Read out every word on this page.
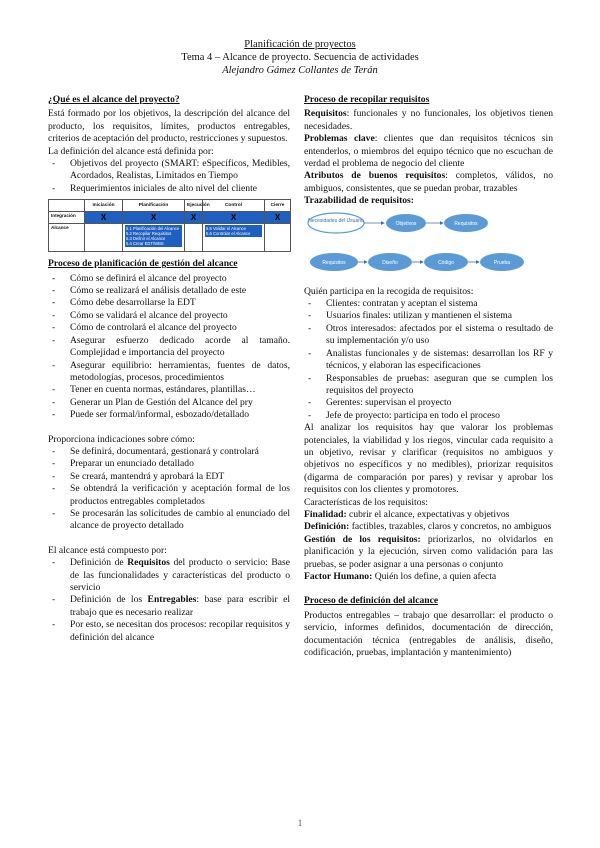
Planificación de proyectos
Tema 4 – Alcance de proyecto. Secuencia de actividades
Alejandro Gámez Collantes de Terán

¿Qué es el alcance del proyecto?

Está formado por los objetivos, la descripción del alcance del producto, los requisitos, límites, productos entregables, criterios de aceptación del producto, restricciones y supuestos.

La definición del alcance está definida por:

- Objetivos del proyecto (SMART: eSpecíficos, Medibles, Acordados, Realistas, Limitados en Tiempo
- Requerimientos iniciales de alto nivel del cliente
	Iniciación	Planificación	Ejecución	Control	Cierre
Integración	X	X	X	X	X
Alcance		5.1 Planificación del Alcance
5.2 Recopilar Requisitos
5.3 Definir el Alcance
5.4 Crear EDT/WBS		5.5 Validar el Alcance
5.6 Controlar el Alcance	

Proceso de planificación de gestión del alcance

- Cómo se definirá el alcance del proyecto
- Cómo se realizará el análisis detallado de este
- Cómo debe desarrollarse la EDT
- Cómo se validará el alcance del proyecto
- Cómo de controlará el alcance del proyecto
- Asegurar esfuerzo dedicado acorde al tamaño. Complejidad e importancia del proyecto
- Asegurar equilibrio: herramientas, fuentes de datos, metodologías, procesos, procedimientos
- Tener en cuenta normas, estándares, plantillas…
- Generar un Plan de Gestión del Alcance del pry
- Puede ser formal/informal, esbozado/detallado

Proporciona indicaciones sobre cómo:

- Se definirá, documentará, gestionará y controlará
- Preparar un enunciado detallado
- Se creará, mantendrá y aprobará la EDT
- Se obtendrá la verificación y aceptación formal de los productos entregables completados
- Se procesarán las solicitudes de cambio al enunciado del alcance de proyecto detallado

El alcance está compuesto por:

- Definición de Requisitos del producto o servicio: Base de las funcionalidades y características del producto o servicio
- Definición de los Entregables: base para escribir el trabajo que es necesario realizar
- Por esto, se necesitan dos procesos: recopilar requisitos y definición del alcance

Proceso de recopilar requisitos

Requisitos: funcionales y no funcionales, los objetivos tienen necesidades.

Problemas clave: clientes que dan requisitos técnicos sin entenderlos, o miembros del equipo técnico que no escuchan de verdad el problema de negocio del cliente

Atributos de buenos requisitos: completos, válidos, no ambiguos, consistentes, que se puedan probar, trazables

Trazabilidad de requisitos:

Necesidades del Usuario	Objetivos	Requisitos
Requisitos	Diseño	Código	Prueba

Quién participa en la recogida de requisitos:

- Clientes: contratan y aceptan el sistema
- Usuarios finales: utilizan y mantienen el sistema
- Otros interesados: afectados por el sistema o resultado de su implementación y/o uso
- Analistas funcionales y de sistemas: desarrollan los RF y técnicos, y elaboran las especificaciones
- Responsables de pruebas: aseguran que se cumplen los requisitos del proyecto
- Gerentes: supervisan el proyecto
- Jefe de proyecto: participa en todo el proceso

Al analizar los requisitos hay que valorar los problemas potenciales, la viabilidad y los riegos, vincular cada requisito a un objetivo, revisar y clarificar (requisitos no ambiguos y objetivos no específicos y no medibles), priorizar requisitos (digarma de comparación por pares) y revisar y aprobar los requisitos con los clientes y promotores.

Características de los requisitos:

Finalidad: cubrir el alcance, expectativas y objetivos

Definición: factibles, trazables, claros y concretos, no ambiguos

Gestión de los requisitos: priorizarlos, no olvidarlos en planificación y la ejecución, sirven como validación para las pruebas, se poder asignar a una personas o conjunto

Factor Humano: Quién los define, a quien afecta

Proceso de definición del alcance

Productos entregables – trabajo que desarrollar: el producto o servicio, informes definidos, documentación de dirección, documentación técnica (entregables de análisis, diseño, codificación, pruebas, implantación y mantenimiento)

1
